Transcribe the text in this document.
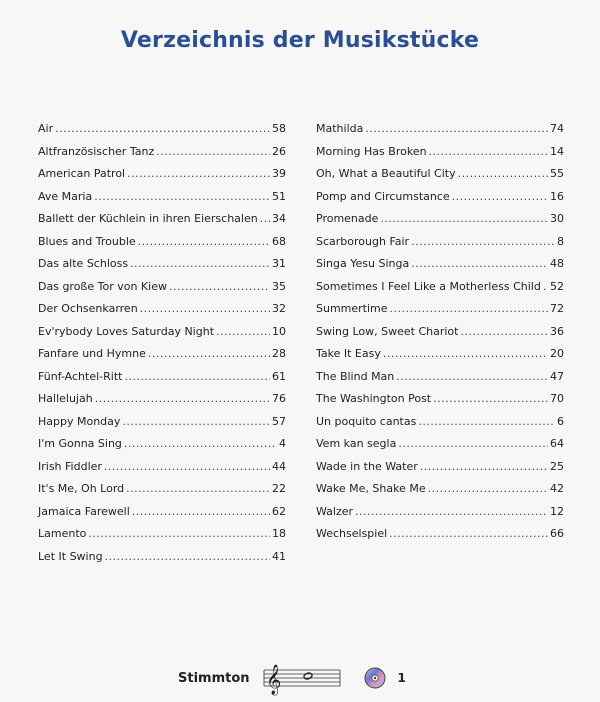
Verzeichnis der Musikstücke
Air .....	58
Altfranzösischer Tanz .....	26
American Patrol .....	39
Ave Maria .....	51
Ballett der Küchlein in ihren Eierschalen ..... 34
Blues and Trouble .....	68
Das alte Schloss .....	31
Das große Tor von Kiew .....	35
Der Ochsenkarren .....	32
Ev'rybody Loves Saturday Night .....	10
Fanfare und Hymne .....	28
Fünf-Achtel-Ritt .....	61
Hallelujah .....	76
Happy Monday .....	57
I'm Gonna Sing .....	4
Irish Fiddler .....	44
It's Me, Oh Lord .....	22
Jamaica Farewell .....	62
Lamento .....	18
Let It Swing .....	41
Mathilda .....	74
Morning Has Broken .....	14
Oh, What a Beautiful City .....	55
Pomp and Circumstance .....	16
Promenade .....	30
Scarborough Fair .....	8
Singa Yesu Singa .....	48
Sometimes I Feel Like a Motherless Child ..... 52
Summertime .....	72
Swing Low, Sweet Chariot .....	36
Take It Easy .....	20
The Blind Man .....	47
The Washington Post .....	70
Un poquito cantas .....	6
Vem kan segla .....	64
Wade in the Water .....	25
Wake Me, Shake Me .....	42
Walzer .....	12
Wechselspiel .....	66
Stimmton 𝄞	1
